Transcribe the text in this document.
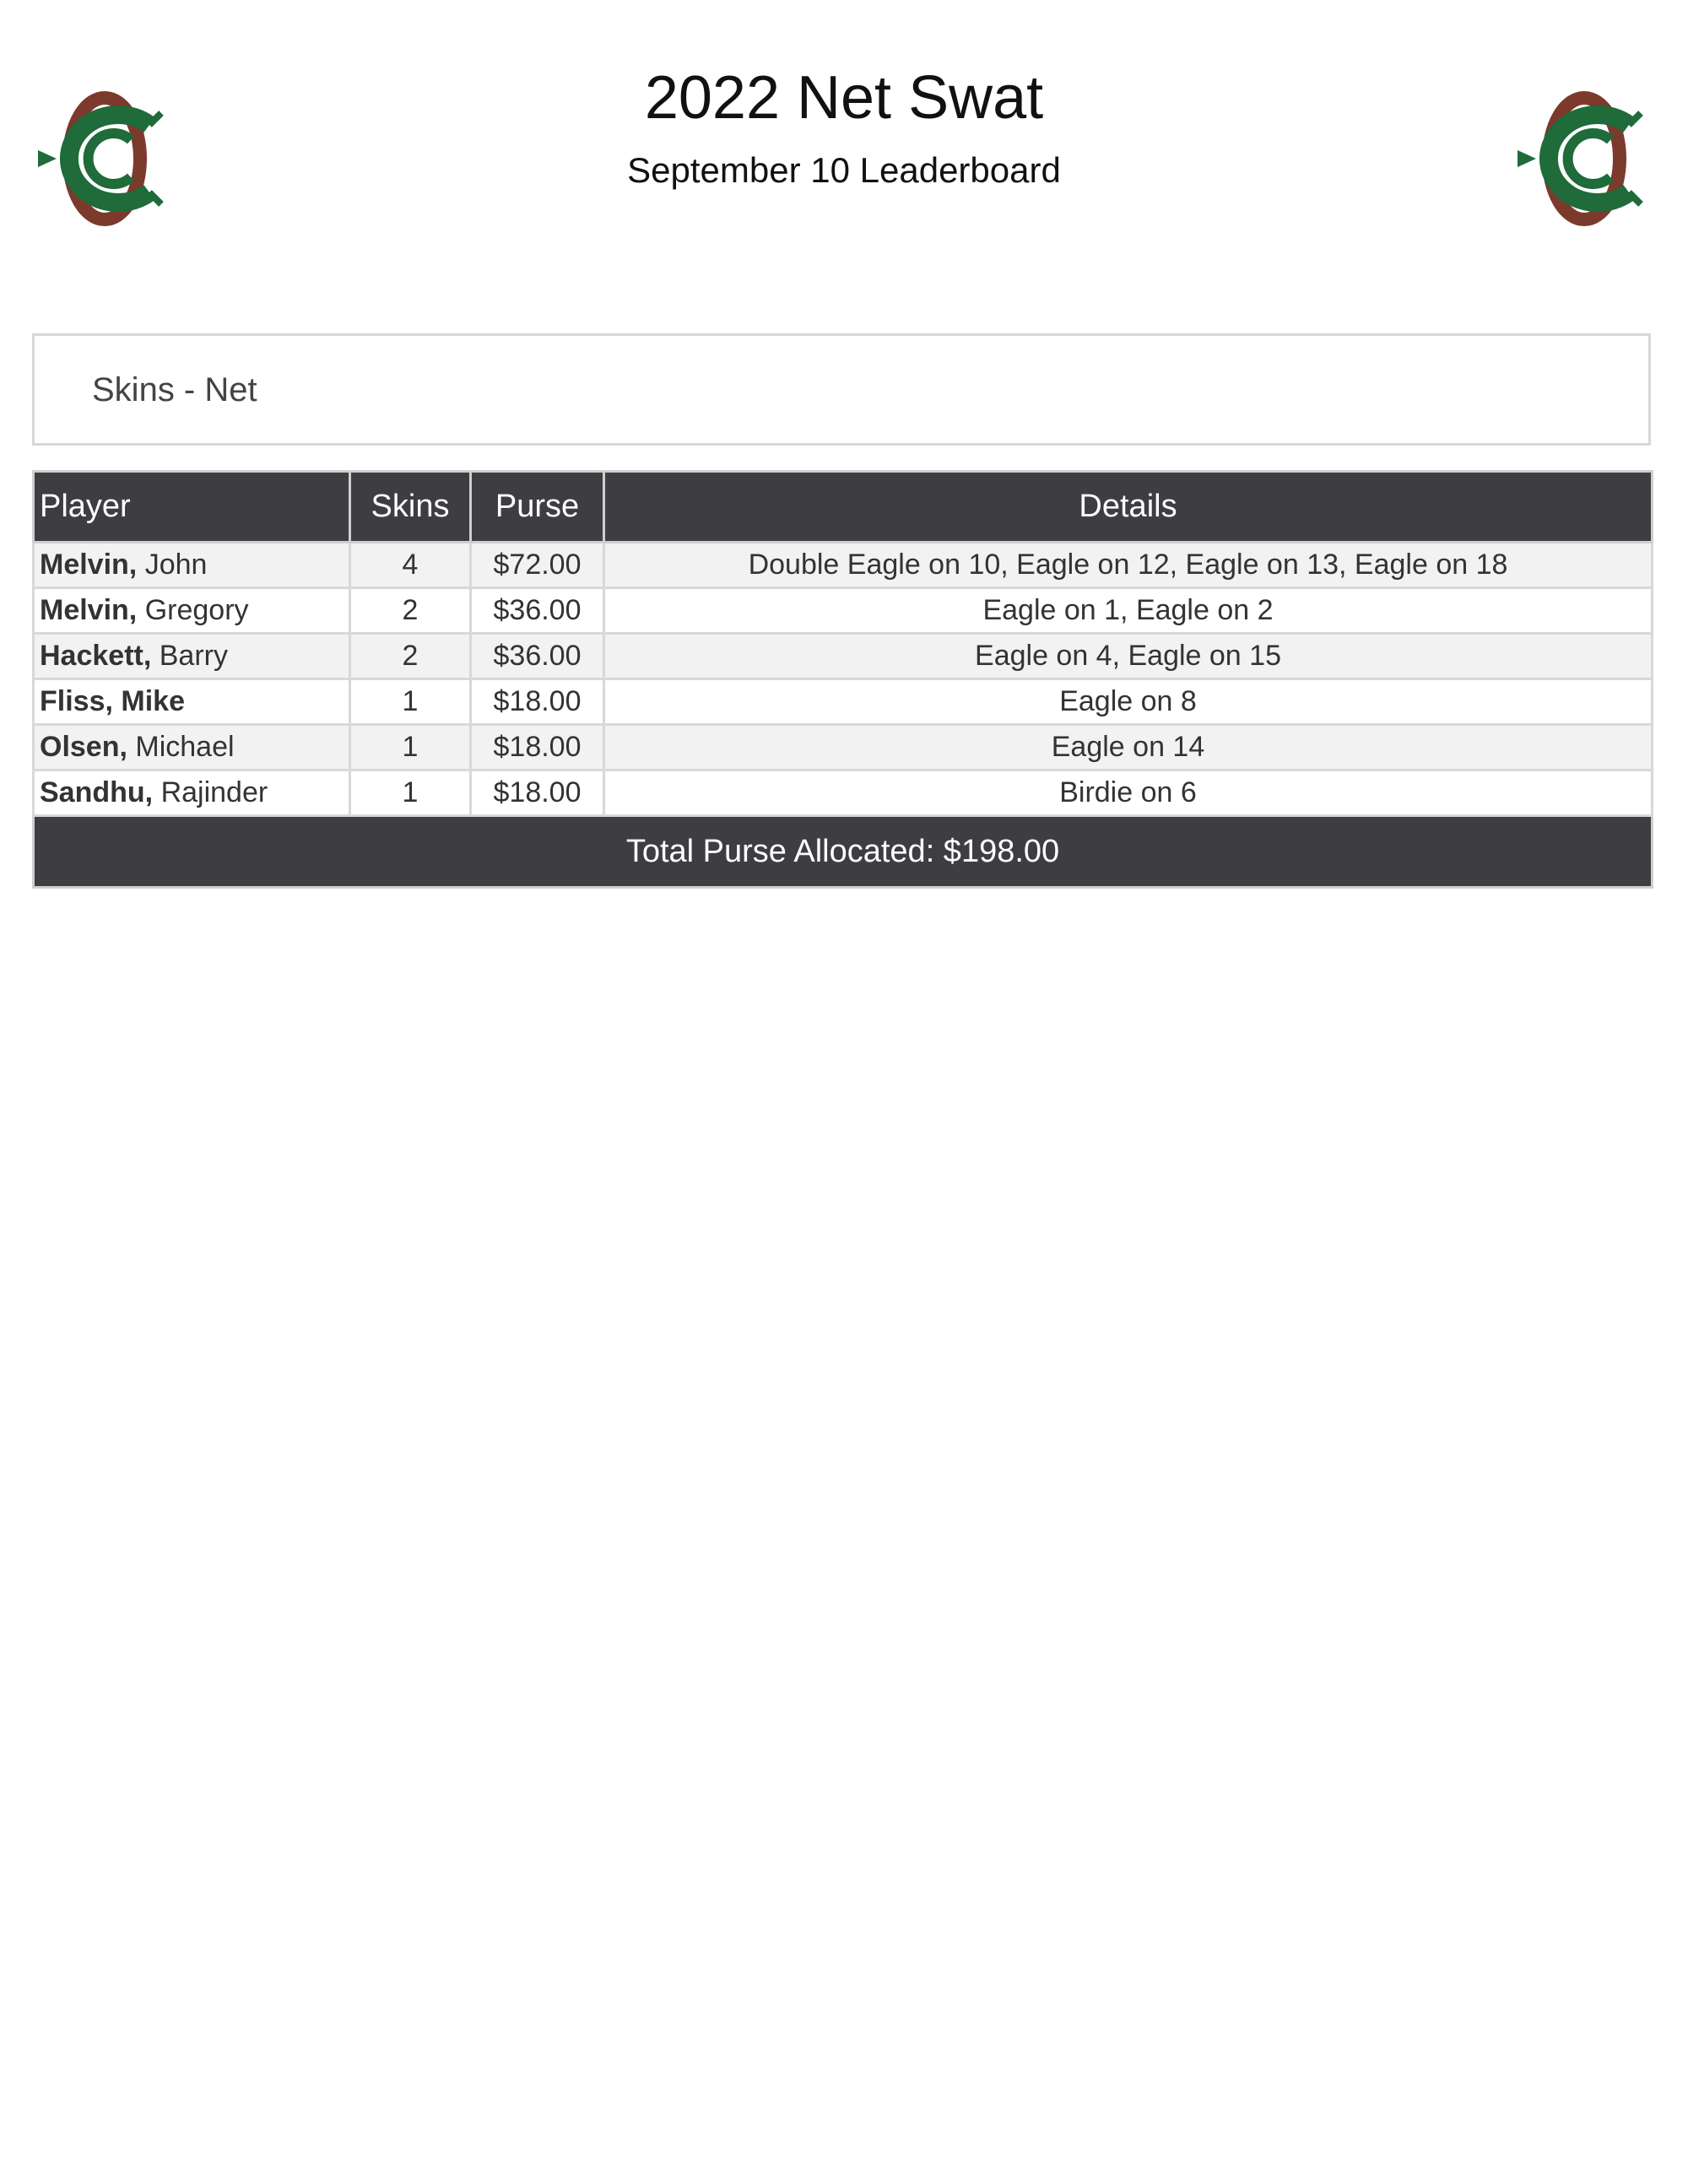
2022 Net Swat
September 10 Leaderboard
Skins - Net
Player	Skins	Purse	Details
Melvin, John	4	$72.00	Double Eagle on 10, Eagle on 12, Eagle on 13, Eagle on 18
Melvin, Gregory	2	$36.00	Eagle on 1, Eagle on 2
Hackett, Barry	2	$36.00	Eagle on 4, Eagle on 15
Fliss, Mike	1	$18.00	Eagle on 8
Olsen, Michael	1	$18.00	Eagle on 14
Sandhu, Rajinder	1	$18.00	Birdie on 6
Total Purse Allocated: $198.00			
